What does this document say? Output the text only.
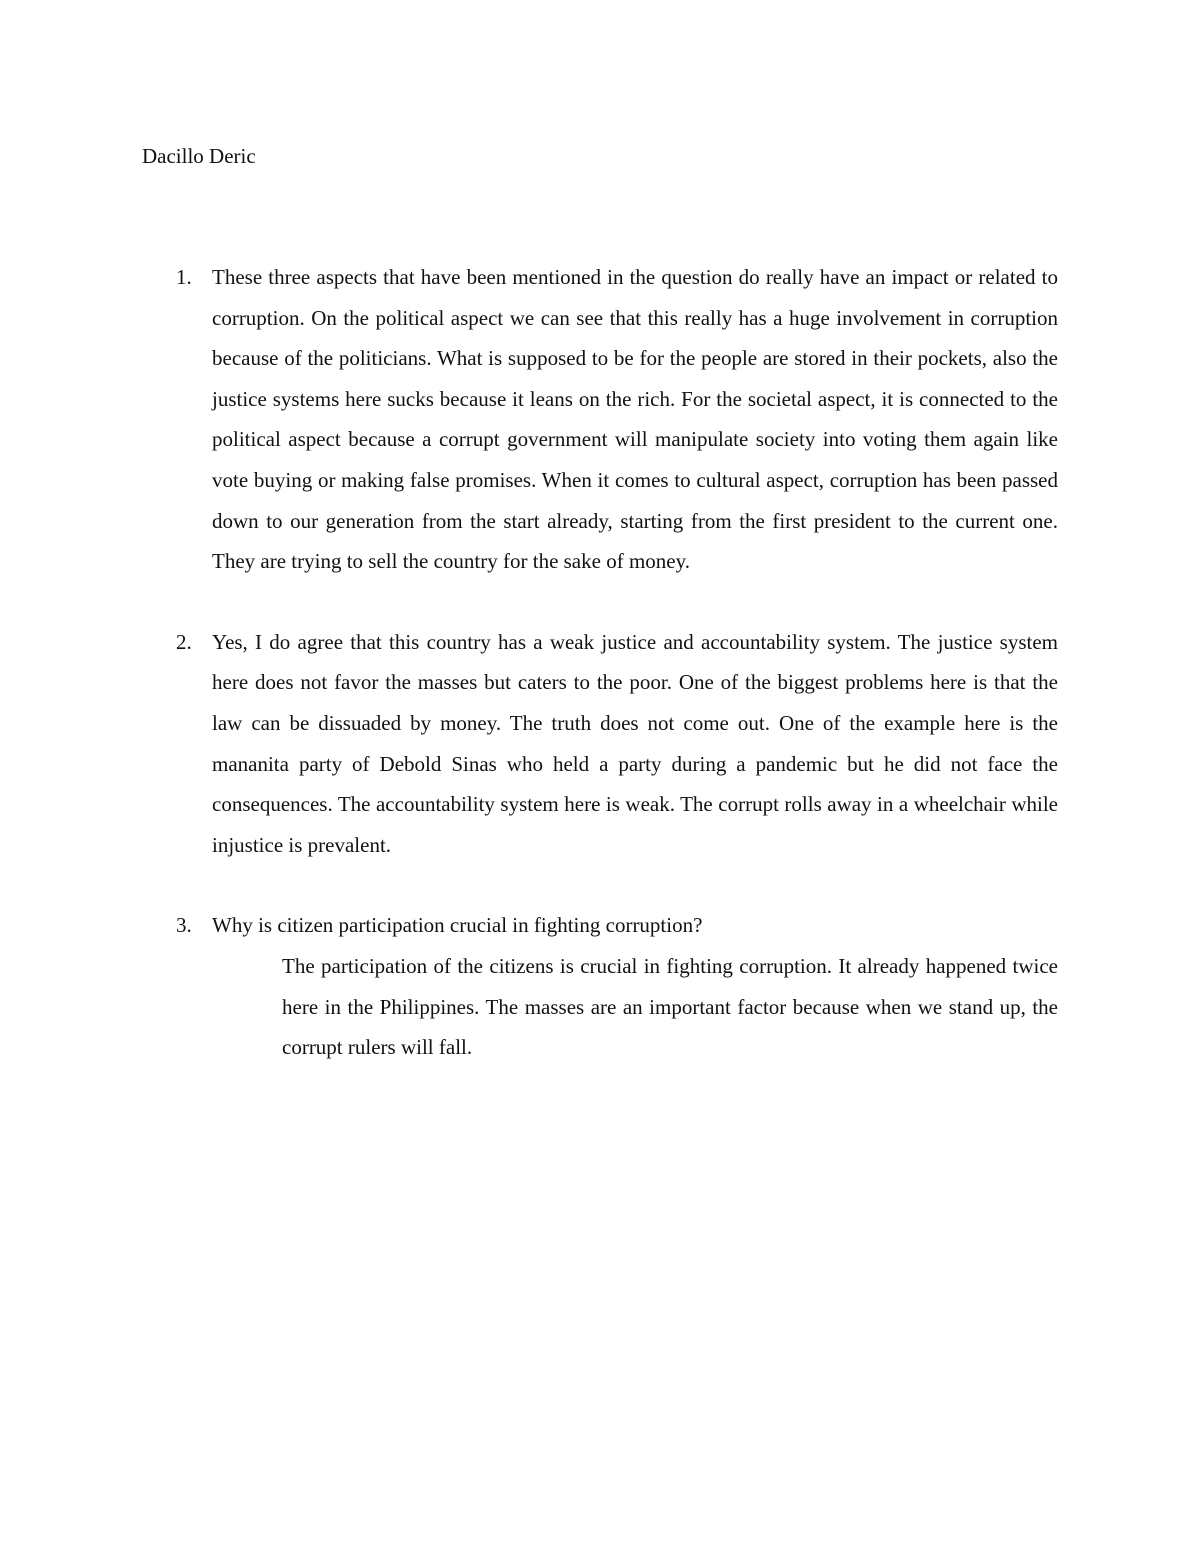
Dacillo Deric

1. These three aspects that have been mentioned in the question do really have an impact or related to corruption. On the political aspect we can see that this really has a huge involvement in corruption because of the politicians. What is supposed to be for the people are stored in their pockets, also the justice systems here sucks because it leans on the rich. For the societal aspect, it is connected to the political aspect because a corrupt government will manipulate society into voting them again like vote buying or making false promises. When it comes to cultural aspect, corruption has been passed down to our generation from the start already, starting from the first president to the current one. They are trying to sell the country for the sake of money.

2. Yes, I do agree that this country has a weak justice and accountability system. The justice system here does not favor the masses but caters to the poor. One of the biggest problems here is that the law can be dissuaded by money. The truth does not come out. One of the example here is the mananita party of Debold Sinas who held a party during a pandemic but he did not face the consequences. The accountability system here is weak. The corrupt rolls away in a wheelchair while injustice is prevalent.

3. Why is citizen participation crucial in fighting corruption?

The participation of the citizens is crucial in fighting corruption. It already happened twice here in the Philippines. The masses are an important factor because when we stand up, the corrupt rulers will fall.
